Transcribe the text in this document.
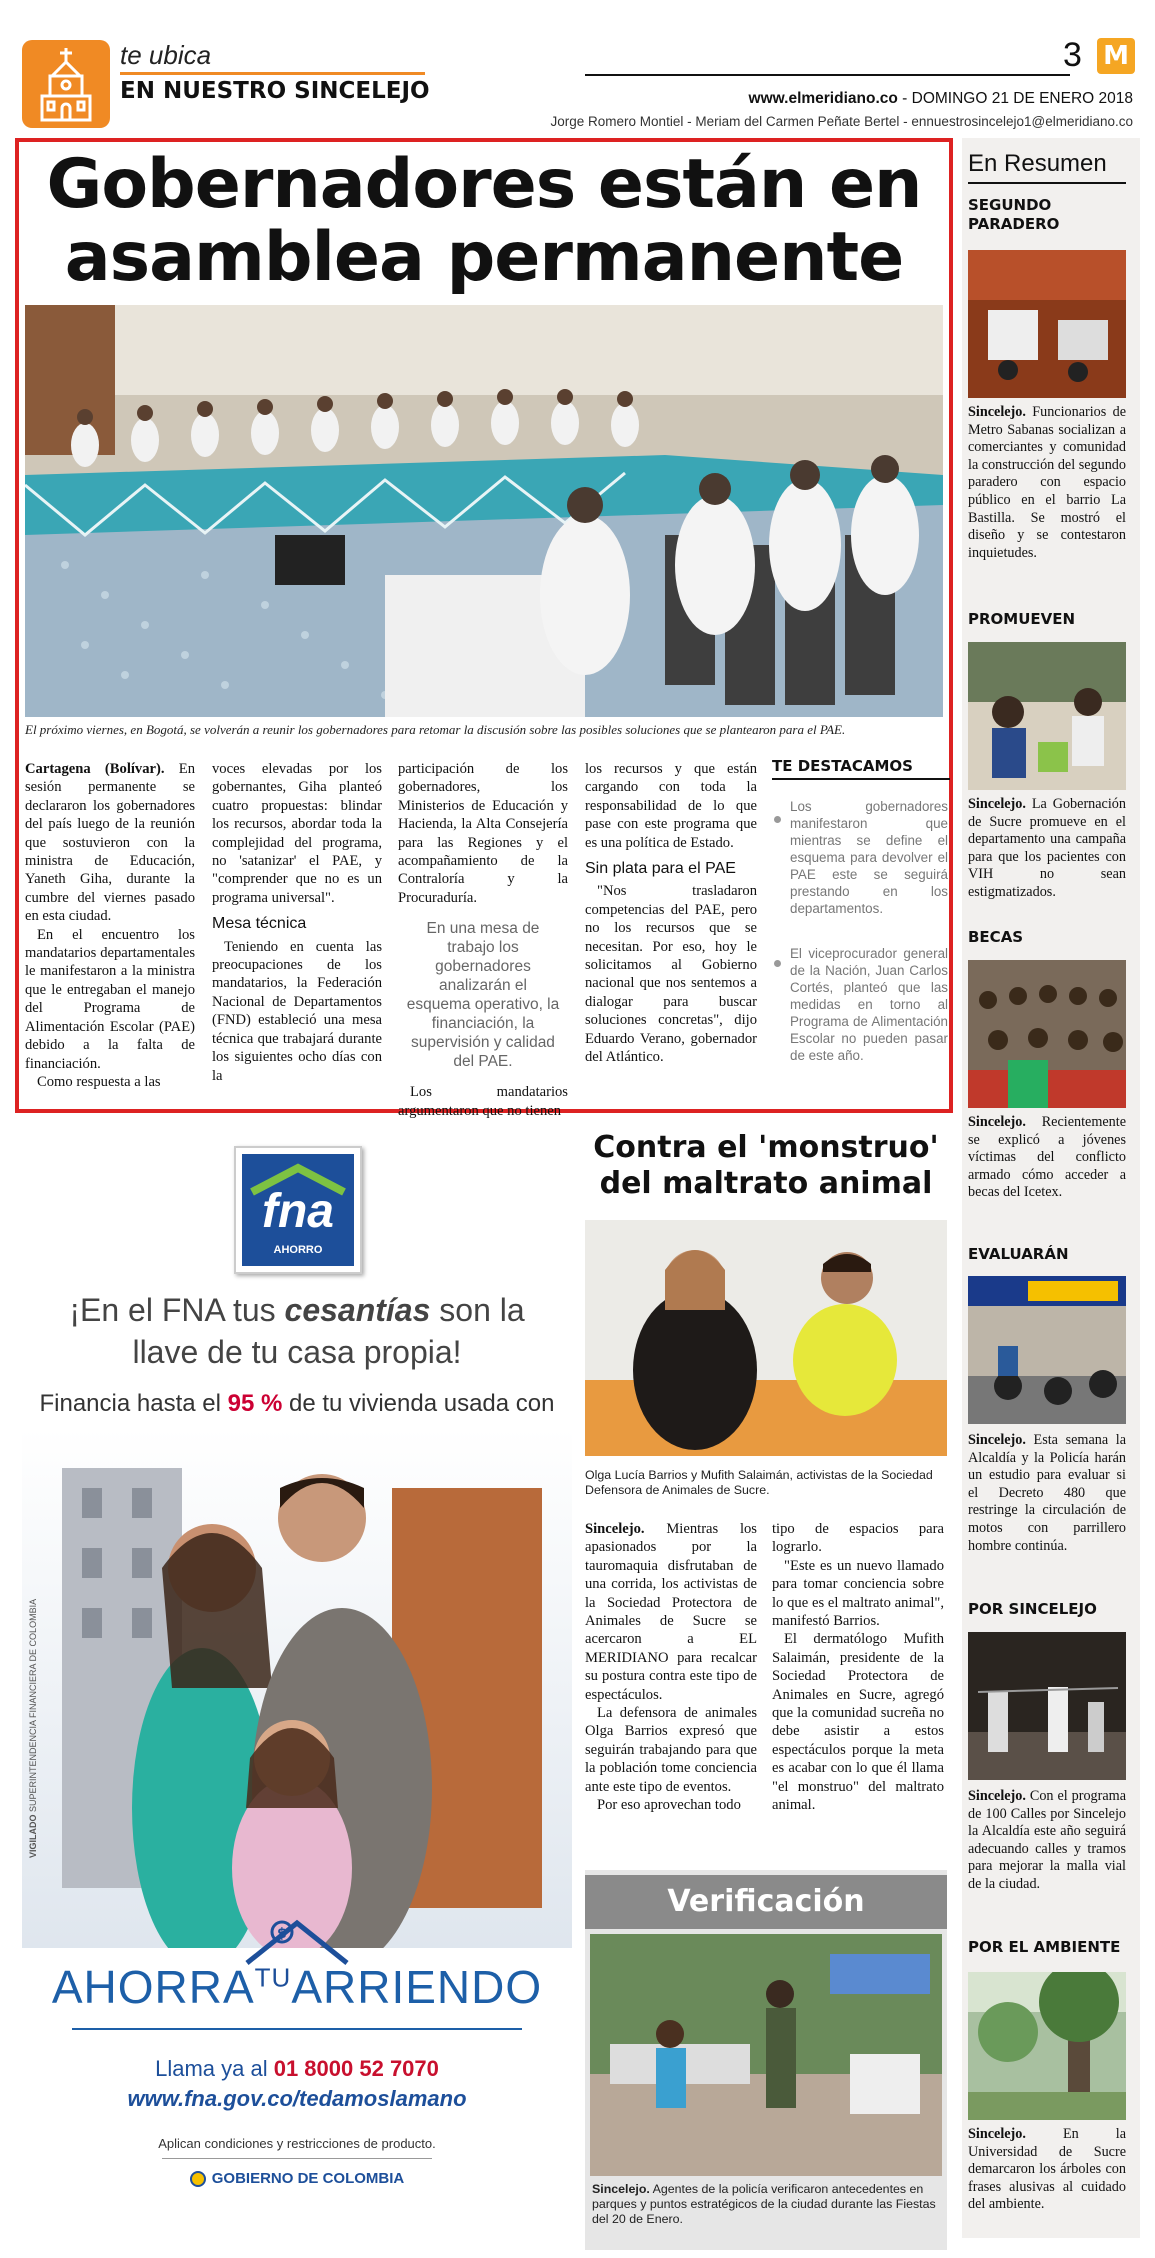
te ubica
EN NUESTRO SINCELEJO
3 M
www.elmeridiano.co - DOMINGO 21 DE ENERO 2018
Jorge Romero Montiel - Meriam del Carmen Peñate Bertel - ennuestrosincelejo1@elmeridiano.co
Gobernadores están en
asamblea permanente
El próximo viernes, en Bogotá, se volverán a reunir los gobernadores para retomar la discusión sobre las posibles soluciones que se plantearon para el PAE.

Cartagena (Bolívar). En sesión permanente se declararon los gobernadores del país luego de la reunión que sostuvieron con la ministra de Educación, Yaneth Giha, durante la cumbre del viernes pasado en esta ciudad.

En el encuentro los mandatarios departamentales le manifestaron a la ministra que le entregaban el manejo del Programa de Alimentación Escolar (PAE) debido a la falta de financiación.

Como respuesta a las

voces elevadas por los gobernantes, Giha planteó cuatro propuestas: blindar los recursos, abordar toda la complejidad del programa, no 'satanizar' el PAE, y "comprender que no es un programa universal".

Mesa técnica

Teniendo en cuenta las preocupaciones de los mandatarios, la Federación Nacional de Departamentos (FND) estableció una mesa técnica que trabajará durante los siguientes ocho días con la

participación de los gobernadores, los Ministerios de Educación y Hacienda, la Alta Consejería para las Regiones y el acompañamiento de la Contraloría y la Procuraduría.

En una mesa de trabajo los gobernadores analizarán el esquema operativo, la financiación, la supervisión y calidad del PAE.

Los mandatarios argumentaron que no tienen

los recursos y que están cargando con toda la responsabilidad de lo que pase con este programa que es una política de Estado.

Sin plata para el PAE

"Nos trasladaron competencias del PAE, pero no los recursos que se necesitan. Por eso, hoy le solicitamos al Gobierno nacional que nos sentemos a dialogar para buscar soluciones concretas", dijo Eduardo Verano, gobernador del Atlántico.

TE DESTACAMOS
Los gobernadores manifestaron que mientras se define el esquema para devolver el PAE este se seguirá prestando en los departamentos.
El viceprocurador general de la Nación, Juan Carlos Cortés, planteó que las medidas en torno al Programa de Alimentación Escolar no pueden pasar de este año.
En Resumen
SEGUNDO PARADERO
Sincelejo. Funcionarios de Metro Sabanas socializan a comerciantes y comunidad la construcción del segundo paradero con espacio público en el barrio La Bastilla. Se mostró el diseño y se contestaron inquietudes.
PROMUEVEN
Sincelejo. La Gobernación de Sucre promueve en el departamento una campaña para que los pacientes con VIH no sean estigmatizados.
BECAS
Sincelejo. Recientemente se explicó a jóvenes víctimas del conflicto armado cómo acceder a becas del Icetex.
EVALUARÁN
Sincelejo. Esta semana la Alcaldía y la Policía harán un estudio para evaluar si el Decreto 480 que restringe la circulación de motos con parrillero hombre continúa.
POR SINCELEJO
Sincelejo. Con el programa de 100 Calles por Sincelejo la Alcaldía este año seguirá adecuando calles y tramos para mejorar la malla vial de la ciudad.
POR EL AMBIENTE
Sincelejo. En la Universidad de Sucre demarcaron los árboles con frases alusivas al cuidado del ambiente.
Contra el 'monstruo'
del maltrato animal
Olga Lucía Barrios y Mufith Salaimán, activistas de la Sociedad Defensora de Animales de Sucre.

Sincelejo. Mientras los apasionados por la tauromaquia disfrutaban de una corrida, los activistas de la Sociedad Protectora de Animales de Sucre se acercaron a EL MERIDIANO para recalcar su postura contra este tipo de espectáculos.

La defensora de animales Olga Barrios expresó que seguirán trabajando para que la población tome conciencia ante este tipo de eventos.

Por eso aprovechan todo

tipo de espacios para lograrlo.

"Este es un nuevo llamado para tomar conciencia sobre lo que es el maltrato animal", manifestó Barrios.

El dermatólogo Mufith Salaimán, presidente de la Sociedad Protectora de Animales en Sucre, agregó que la comunidad sucreña no debe asistir a estos espectáculos porque la meta es acabar con lo que él llama "el monstruo" del maltrato animal.

Verificación
Sincelejo. Agentes de la policía verificaron antecedentes en parques y puntos estratégicos de la ciudad durante las Fiestas del 20 de Enero.
fna
AHORRO
¡En el FNA tus cesantías son la
llave de tu casa propia!
Financia hasta el 95 % de tu vivienda usada con
VIGILADO SUPERINTENDENCIA FINANCIERA DE COLOMBIA
$
$AHORRA^{TU}ARRIENDO$
Llama ya al 01 8000 52 7070
www.fna.gov.co/tedamoslamano
Aplican condiciones y restricciones de producto.
GOBIERNO DE COLOMBIA
